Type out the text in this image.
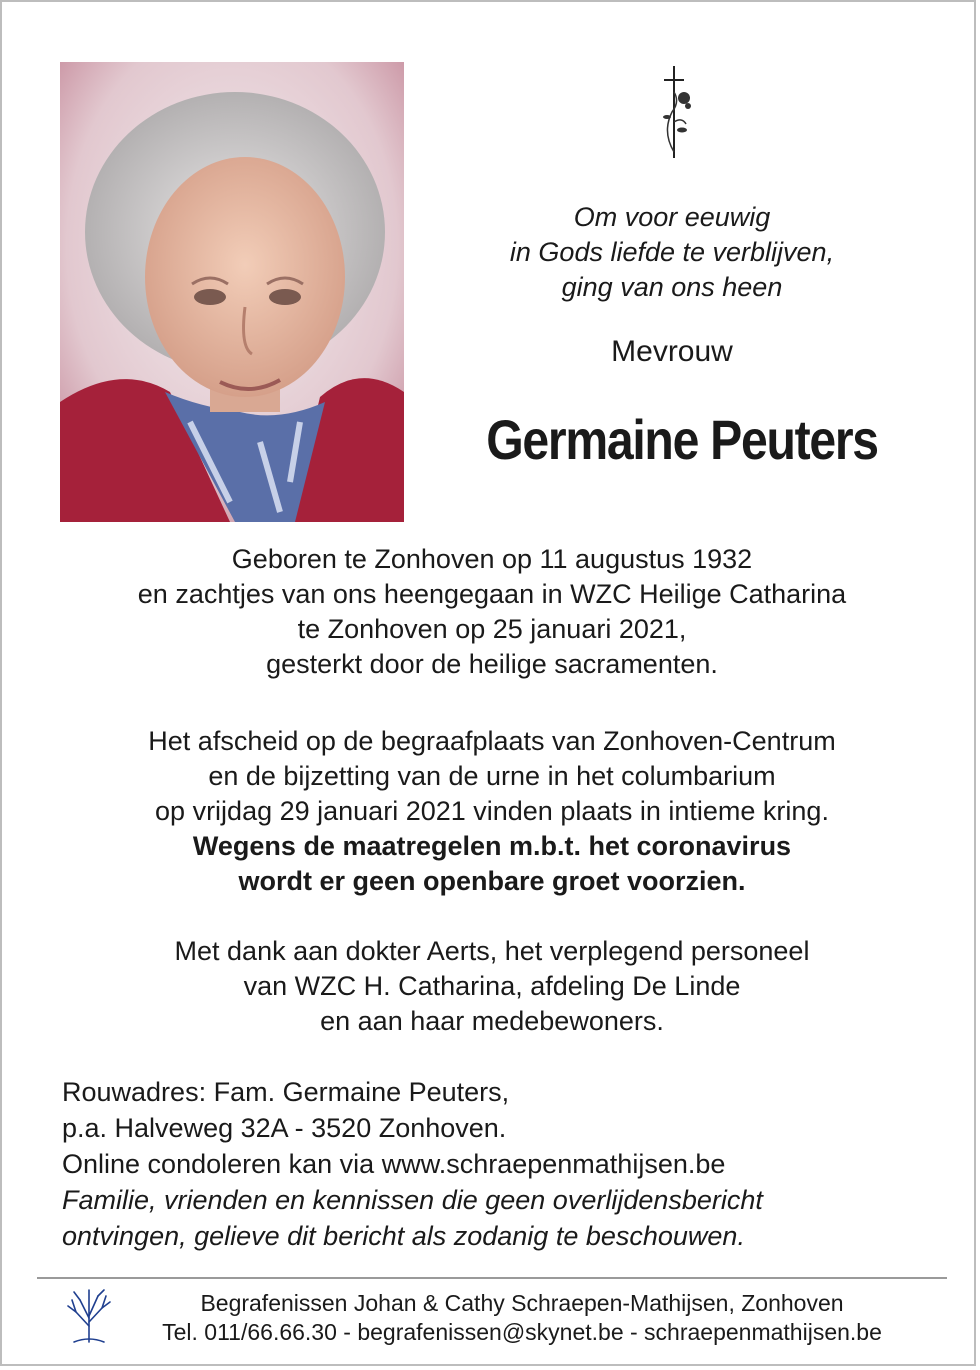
Om voor eeuwig
in Gods liefde te verblijven,
ging van ons heen
Mevrouw
Germaine Peuters

Geboren te Zonhoven op 11 augustus 1932

en zachtjes van ons heengegaan in WZC Heilige Catharina

te Zonhoven op 25 januari 2021,

gesterkt door de heilige sacramenten.

Het afscheid op de begraafplaats van Zonhoven-Centrum

en de bijzetting van de urne in het columbarium

op vrijdag 29 januari 2021 vinden plaats in intieme kring.

Wegens de maatregelen m.b.t. het coronavirus

wordt er geen openbare groet voorzien.

Met dank aan dokter Aerts, het verplegend personeel

van WZC H. Catharina, afdeling De Linde

en aan haar medebewoners.

Rouwadres: Fam. Germaine Peuters,

p.a. Halveweg 32A - 3520 Zonhoven.

Online condoleren kan via www.schraepenmathijsen.be

Familie, vrienden en kennissen die geen overlijdensbericht

ontvingen, gelieve dit bericht als zodanig te beschouwen.

Begrafenissen Johan & Cathy Schraepen-Mathijsen, Zonhoven

Tel. 011/66.66.30 - begrafenissen@skynet.be - schraepenmathijsen.be
